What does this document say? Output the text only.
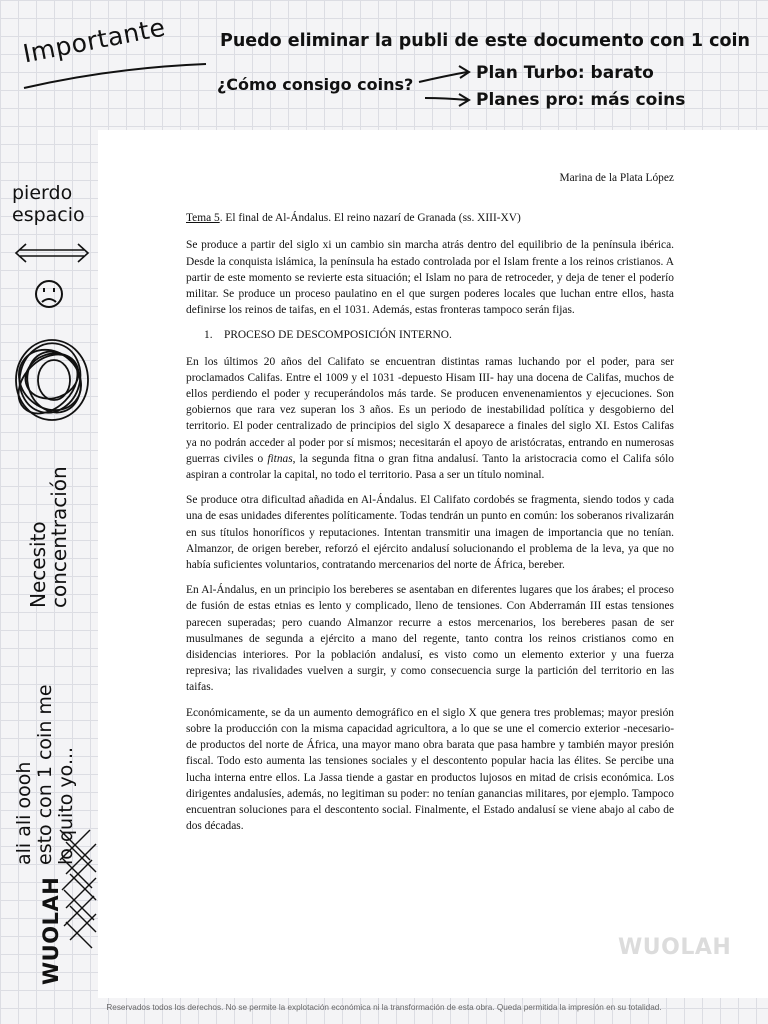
Importante	Puedo eliminar la publi de este documento con 1 coin
¿Cómo consigo coins?
Plan Turbo: barato
Planes pro: más coins
pierdo
espacio
Necesito
concentración
ali ali oooh esto con 1 coin me lo quito yo...
WUOLAH
Marina de la Plata López
Tema 5. El final de Al-Ándalus. El reino nazarí de Granada (ss. XIII-XV)

Se produce a partir del siglo xi un cambio sin marcha atrás dentro del equilibrio de la península ibérica. Desde la conquista islámica, la península ha estado controlada por el Islam frente a los reinos cristianos. A partir de este momento se revierte esta situación; el Islam no para de retroceder, y deja de tener el poderío militar. Se produce un proceso paulatino en el que surgen poderes locales que luchan entre ellos, hasta definirse los reinos de taifas, en el 1031. Además, estas fronteras tampoco serán fijas.

1. PROCESO DE DESCOMPOSICIÓN INTERNO.

En los últimos 20 años del Califato se encuentran distintas ramas luchando por el poder, para ser proclamados Califas. Entre el 1009 y el 1031 -depuesto Hisam III- hay una docena de Califas, muchos de ellos perdiendo el poder y recuperándolos más tarde. Se producen envenenamientos y ejecuciones. Son gobiernos que rara vez superan los 3 años. Es un periodo de inestabilidad política y desgobierno del territorio. El poder centralizado de principios del siglo X desaparece a finales del siglo XI. Estos Califas ya no podrán acceder al poder por sí mismos; necesitarán el apoyo de aristócratas, entrando en numerosas guerras civiles o fitnas, la segunda fitna o gran fitna andalusí. Tanto la aristocracia como el Califa sólo aspiran a controlar la capital, no todo el territorio. Pasa a ser un título nominal.

Se produce otra dificultad añadida en Al-Ándalus. El Califato cordobés se fragmenta, siendo todos y cada una de esas unidades diferentes políticamente. Todas tendrán un punto en común: los soberanos rivalizarán en sus títulos honoríficos y reputaciones. Intentan transmitir una imagen de importancia que no tenían. Almanzor, de origen bereber, reforzó el ejército andalusí solucionando el problema de la leva, ya que no había suficientes voluntarios, contratando mercenarios del norte de África, bereber.

En Al-Ándalus, en un principio los bereberes se asentaban en diferentes lugares que los árabes; el proceso de fusión de estas etnias es lento y complicado, lleno de tensiones. Con Abderramán III estas tensiones parecen superadas; pero cuando Almanzor recurre a estos mercenarios, los bereberes pasan de ser musulmanes de segunda a ejército a mano del regente, tanto contra los reinos cristianos como en disidencias interiores. Por la población andalusí, es visto como un elemento exterior y una fuerza represiva; las rivalidades vuelven a surgir, y como consecuencia surge la partición del territorio en las taifas.

Económicamente, se da un aumento demográfico en el siglo X que genera tres problemas; mayor presión sobre la producción con la misma capacidad agricultora, a lo que se une el comercio exterior -necesario- de productos del norte de África, una mayor mano obra barata que pasa hambre y también mayor presión fiscal. Todo esto aumenta las tensiones sociales y el descontento popular hacia las élites. Se percibe una lucha interna entre ellos. La Jassa tiende a gastar en productos lujosos en mitad de crisis económica. Los dirigentes andalusíes, además, no legitiman su poder: no tenían ganancias militares, por ejemplo. Tampoco encuentran soluciones para el descontento social. Finalmente, el Estado andalusí se viene abajo al cabo de dos décadas.

WUOLAH
Reservados todos los derechos. No se permite la explotación económica ni la transformación de esta obra. Queda permitida la impresión en su totalidad.
